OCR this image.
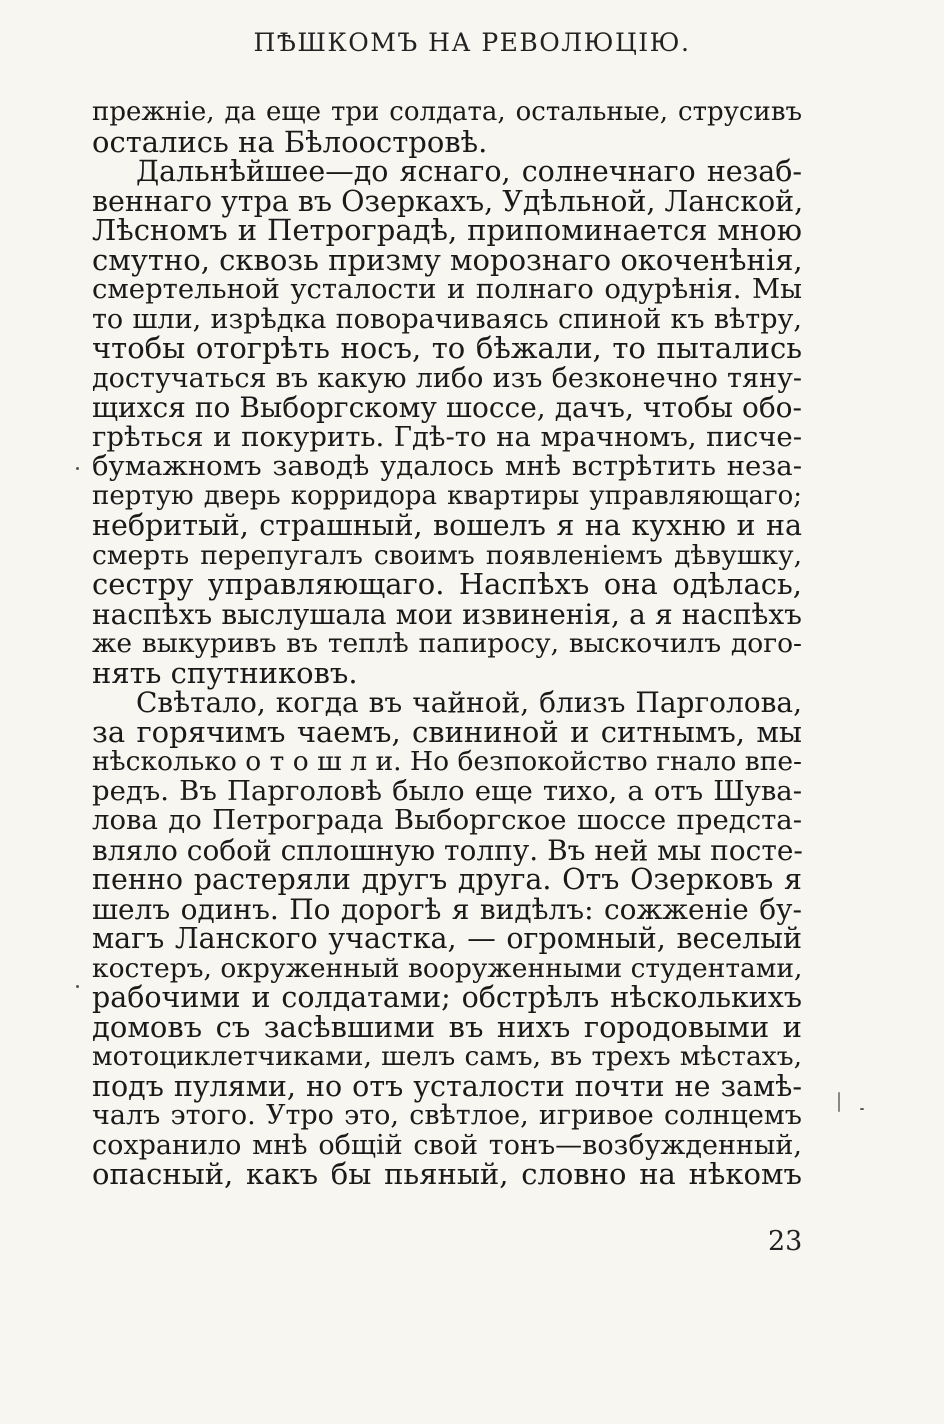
ПѢШКОМЪ НА РЕВОЛЮЦIЮ.
прежнiе, да еще три солдата, остальные, струсивъ
остались на Бѣлоостровѣ.
Дальнѣйшее—до яснаго, солнечнаго незаб-
веннаго утра въ Озеркахъ, Удѣльной, Ланской,
Лѣсномъ и Петроградѣ, припоминается мною
смутно, сквозь призму морознаго окоченѣнiя,
смертельной усталости и полнаго одурѣнiя. Мы
то шли, изрѣдка поворачиваясь спиной къ вѣтру,
чтобы отогрѣть носъ, то бѣжали, то пытались
достучаться въ какую либо изъ безконечно тяну-
щихся по Выборгскому шоссе, дачъ, чтобы обо-
грѣться и покурить. Гдѣ-то на мрачномъ, писче-
бумажномъ заводѣ удалось мнѣ встрѣтить неза-
пертую дверь корридора квартиры управляющаго;
небритый, страшный, вошелъ я на кухню и на
смерть перепугалъ своимъ появленiемъ дѣвушку,
сестру управляющаго. Наспѣхъ она одѣлась,
наспѣхъ выслушала мои извиненiя, а я наспѣхъ
же выкуривъ въ теплѣ папиросу, выскочилъ дого-
нять спутниковъ.
Свѣтало, когда въ чайной, близъ Парголова,
за горячимъ чаемъ, свининой и ситнымъ, мы
нѣсколько о т о ш л и. Но безпокойство гнало впе-
редъ. Въ Парголовѣ было еще тихо, а отъ Шува-
лова до Петрограда Выборгское шоссе предста-
вляло собой сплошную толпу. Въ ней мы посте-
пенно растеряли другъ друга. Отъ Озерковъ я
шелъ одинъ. По дорогѣ я видѣлъ: сожженiе бу-
магъ Ланского участка, — огромный, веселый
костеръ, окруженный вооруженными студентами,
рабочими и солдатами; обстрѣлъ нѣсколькихъ
домовъ съ засѣвшими въ нихъ городовыми и
мотоциклетчиками, шелъ самъ, въ трехъ мѣстахъ,
подъ пулями, но отъ усталости почти не замѣ-
чалъ этого. Утро это, свѣтлое, игривое солнцемъ
сохранило мнѣ общiй свой тонъ—возбужденный,
опасный, какъ бы пьяный, словно на нѣкомъ
23
